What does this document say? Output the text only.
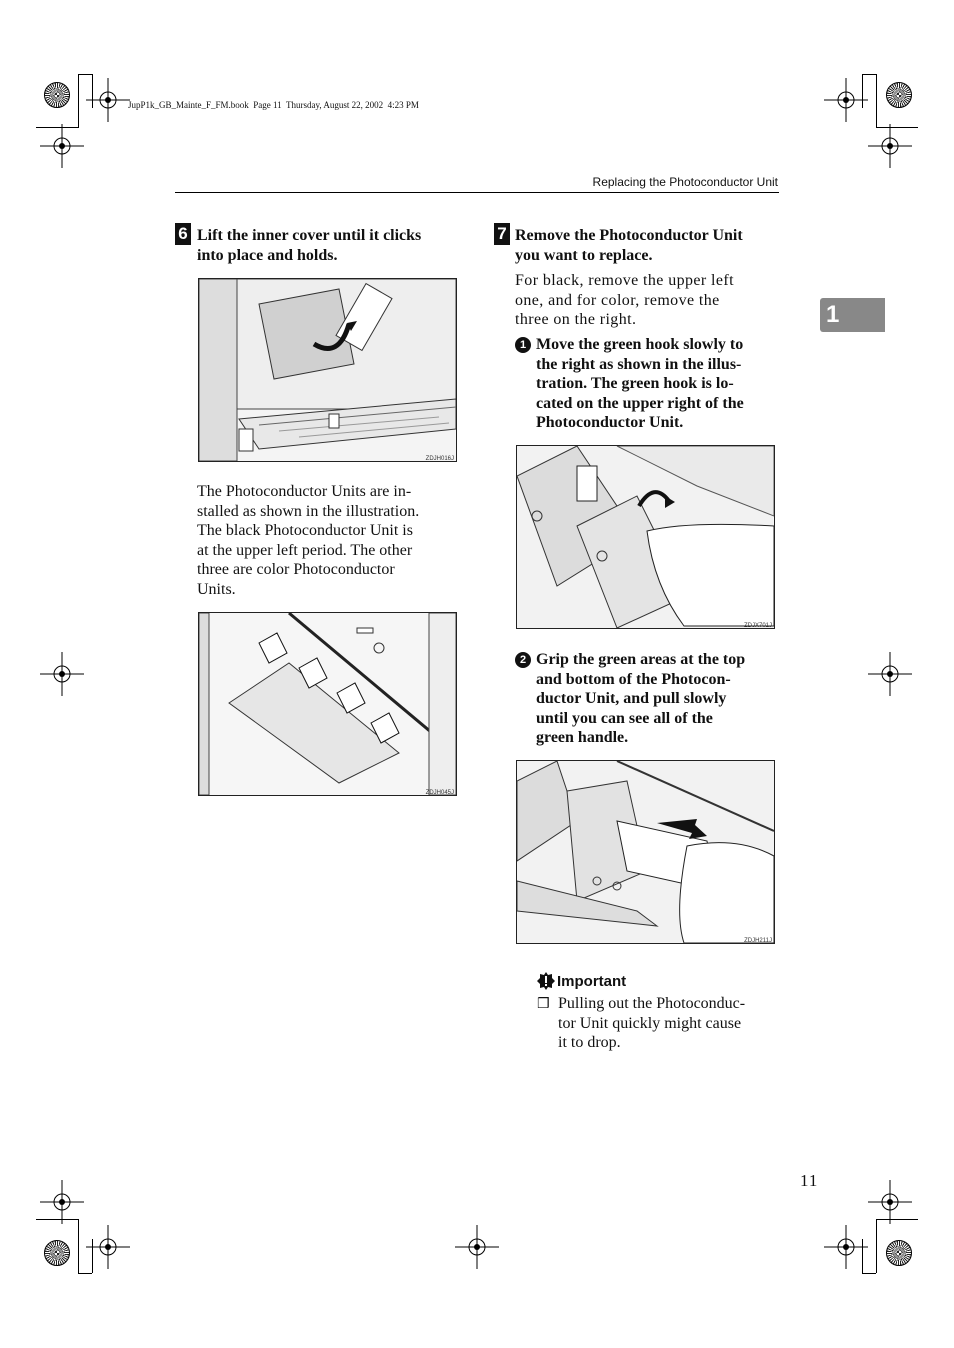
JupP1k_GB_Mainte_F_FM.book  Page 11  Thursday, August 22, 2002  4:23 PM
Replacing the Photoconductor Unit
1
6 Lift the inner cover until it clicks
into place and holds.
ZDJH016J
The Photoconductor Units are in-
stalled as shown in the illustration.
The black Photoconductor Unit is
at the upper left period. The other
three are color Photoconductor
Units.
ZDJH045J
7 Remove the Photoconductor Unit
you want to replace.
For black, remove the upper left
one, and for color, remove the
three on the right.
1 Move the green hook slowly to
the right as shown in the illus-
tration. The green hook is lo-
cated on the upper right of the
Photoconductor Unit.
ZDJX701J
2 Grip the green areas at the top
and bottom of the Photocon-
ductor Unit, and pull slowly
until you can see all of the
green handle.
ZDJH211J
Important
❒ Pulling out the Photoconduc-
tor Unit quickly might cause
it to drop.
11
